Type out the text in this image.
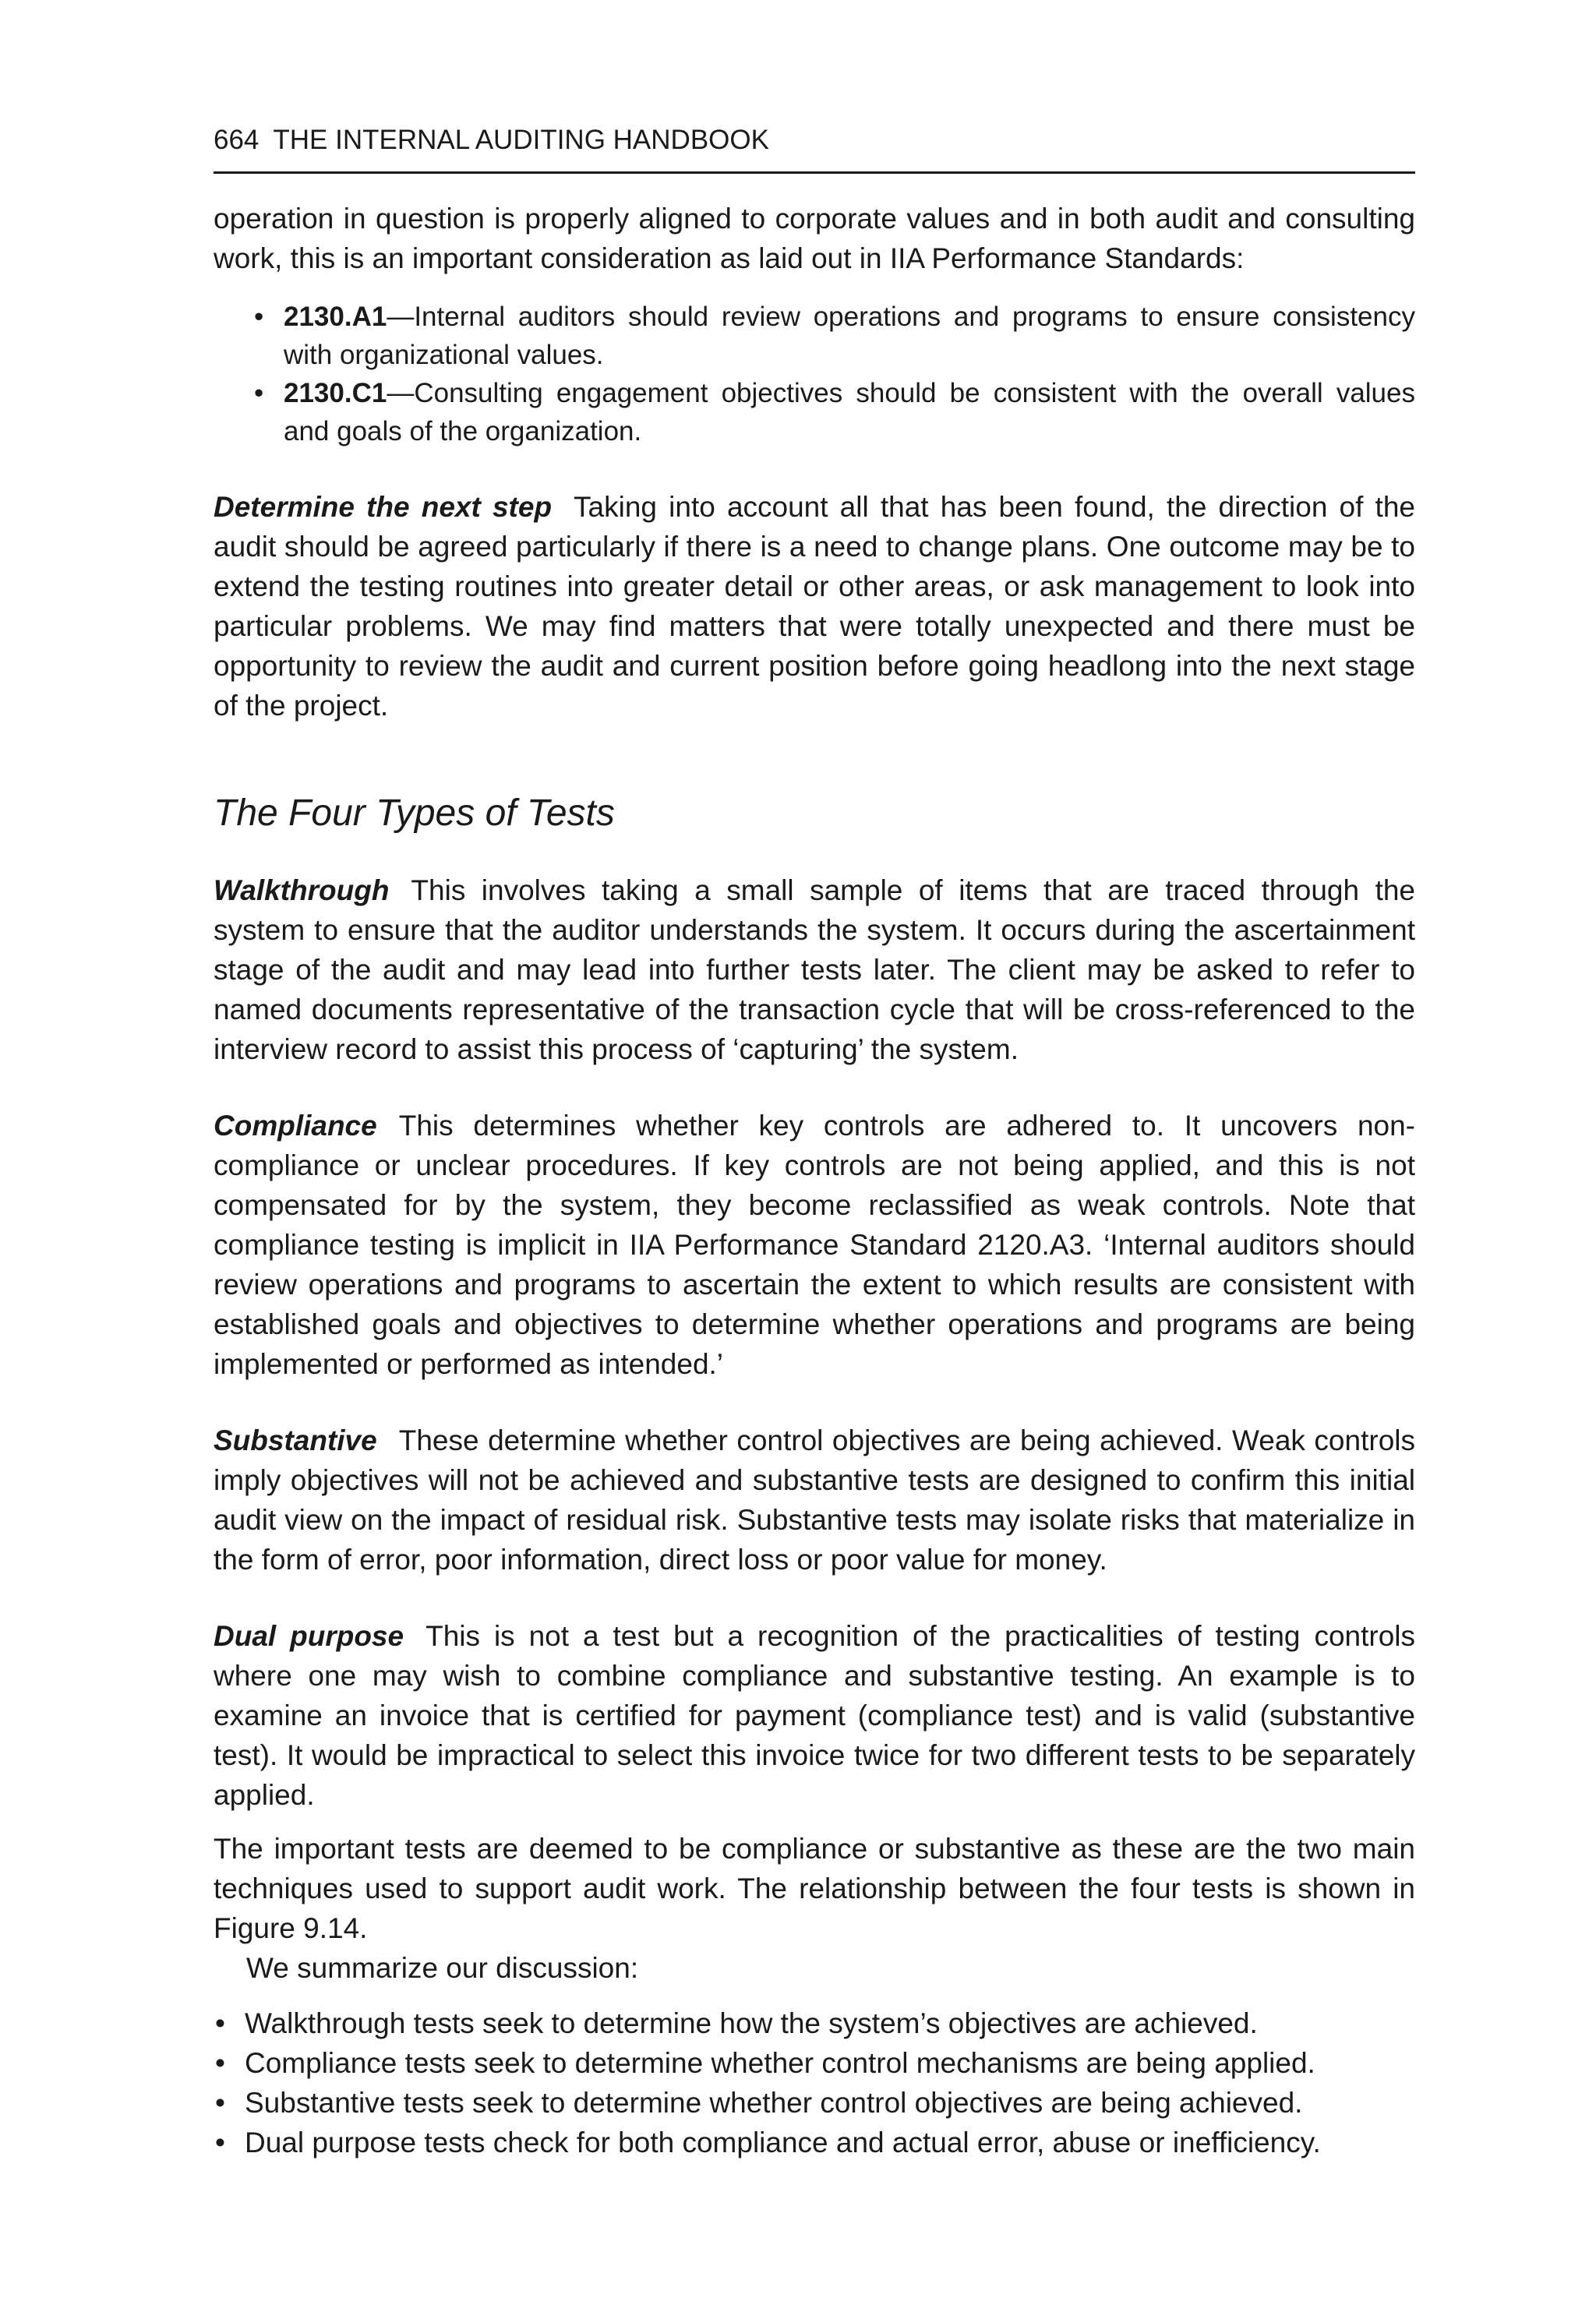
664 THE INTERNAL AUDITING HANDBOOK

operation in question is properly aligned to corporate values and in both audit and consulting work, this is an important consideration as laid out in IIA Performance Standards:

• 2130.A1—Internal auditors should review operations and programs to ensure consistency with organizational values.
• 2130.C1—Consulting engagement objectives should be consistent with the overall values and goals of the organization.

Determine the next step Taking into account all that has been found, the direction of the audit should be agreed particularly if there is a need to change plans. One outcome may be to extend the testing routines into greater detail or other areas, or ask management to look into particular problems. We may find matters that were totally unexpected and there must be opportunity to review the audit and current position before going headlong into the next stage of the project.

The Four Types of Tests

Walkthrough This involves taking a small sample of items that are traced through the system to ensure that the auditor understands the system. It occurs during the ascertainment stage of the audit and may lead into further tests later. The client may be asked to refer to named documents representative of the transaction cycle that will be cross-referenced to the interview record to assist this process of ‘capturing’ the system.

Compliance This determines whether key controls are adhered to. It uncovers non-compliance or unclear procedures. If key controls are not being applied, and this is not compensated for by the system, they become reclassified as weak controls. Note that compliance testing is implicit in IIA Performance Standard 2120.A3. ‘Internal auditors should review operations and programs to ascertain the extent to which results are consistent with established goals and objectives to determine whether operations and programs are being implemented or performed as intended.’

Substantive These determine whether control objectives are being achieved. Weak controls imply objectives will not be achieved and substantive tests are designed to confirm this initial audit view on the impact of residual risk. Substantive tests may isolate risks that materialize in the form of error, poor information, direct loss or poor value for money.

Dual purpose This is not a test but a recognition of the practicalities of testing controls where one may wish to combine compliance and substantive testing. An example is to examine an invoice that is certified for payment (compliance test) and is valid (substantive test). It would be impractical to select this invoice twice for two different tests to be separately applied.

The important tests are deemed to be compliance or substantive as these are the two main techniques used to support audit work. The relationship between the four tests is shown in Figure 9.14.

We summarize our discussion:

• Walkthrough tests seek to determine how the system’s objectives are achieved.
• Compliance tests seek to determine whether control mechanisms are being applied.
• Substantive tests seek to determine whether control objectives are being achieved.
• Dual purpose tests check for both compliance and actual error, abuse or inefficiency.
